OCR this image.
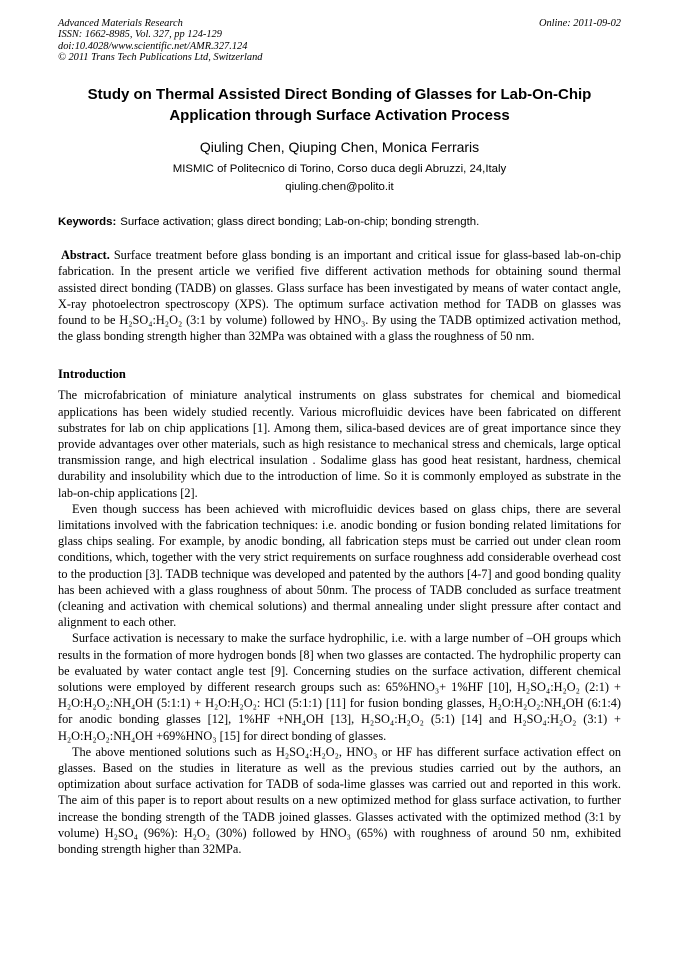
Advanced Materials Research
ISSN: 1662-8985, Vol. 327, pp 124-129
doi:10.4028/www.scientific.net/AMR.327.124
© 2011 Trans Tech Publications Ltd, Switzerland
Online: 2011-09-02
Study on Thermal Assisted Direct Bonding of Glasses for Lab-On-Chip Application through Surface Activation Process
Qiuling Chen, Qiuping Chen, Monica Ferraris
MISMIC of Politecnico di Torino, Corso duca degli Abruzzi, 24,Italy
qiuling.chen@polito.it
Keywords: Surface activation; glass direct bonding; Lab-on-chip; bonding strength.

Abstract. Surface treatment before glass bonding is an important and critical issue for glass-based lab-on-chip fabrication. In the present article we verified five different activation methods for obtaining sound thermal assisted direct bonding (TADB) on glasses. Glass surface has been investigated by means of water contact angle, X-ray photoelectron spectroscopy (XPS). The optimum surface activation method for TADB on glasses was found to be H₂SO₄:H₂O₂ (3:1 by volume) followed by HNO₃. By using the TADB optimized activation method, the glass bonding strength higher than 32MPa was obtained with a glass the roughness of 50 nm.

Introduction

The microfabrication of miniature analytical instruments on glass substrates for chemical and biomedical applications has been widely studied recently. Various microfluidic devices have been fabricated on different substrates for lab on chip applications [1]. Among them, silica-based devices are of great importance since they provide advantages over other materials, such as high resistance to mechanical stress and chemicals, large optical transmission range, and high electrical insulation . Sodalime glass has good heat resistant, hardness, chemical durability and insolubility which due to the introduction of lime. So it is commonly employed as substrate in the lab-on-chip applications [2].

Even though success has been achieved with microfluidic devices based on glass chips, there are several limitations involved with the fabrication techniques: i.e. anodic bonding or fusion bonding related limitations for glass chips sealing. For example, by anodic bonding, all fabrication steps must be carried out under clean room conditions, which, together with the very strict requirements on surface roughness add considerable overhead cost to the production [3]. TADB technique was developed and patented by the authors [4-7] and good bonding quality has been achieved with a glass roughness of about 50nm. The process of TADB concluded as surface treatment (cleaning and activation with chemical solutions) and thermal annealing under slight pressure after contact and alignment to each other.

Surface activation is necessary to make the surface hydrophilic, i.e. with a large number of –OH groups which results in the formation of more hydrogen bonds [8] when two glasses are contacted. The hydrophilic property can be evaluated by water contact angle test [9]. Concerning studies on the surface activation, different chemical solutions were employed by different research groups such as: 65%HNO₃+ 1%HF [10], H₂SO₄:H₂O₂ (2:1) + H₂O:H₂O₂:NH₄OH (5:1:1) + H₂O:H₂O₂: HCl (5:1:1) [11] for fusion bonding glasses, H₂O:H₂O₂:NH₄OH (6:1:4) for anodic bonding glasses [12], 1%HF +NH₄OH [13], H₂SO₄:H₂O₂ (5:1) [14] and H₂SO₄:H₂O₂ (3:1) + H₂O:H₂O₂:NH₄OH +69%HNO₃ [15] for direct bonding of glasses.

The above mentioned solutions such as H₂SO₄:H₂O₂, HNO₃ or HF has different surface activation effect on glasses. Based on the studies in literature as well as the previous studies carried out by the authors, an optimization about surface activation for TADB of soda-lime glasses was carried out and reported in this work. The aim of this paper is to report about results on a new optimized method for glass surface activation, to further increase the bonding strength of the TADB joined glasses. Glasses activated with the optimized method (3:1 by volume) H₂SO₄ (96%): H₂O₂ (30%) followed by HNO₃ (65%) with roughness of around 50 nm, exhibited bonding strength higher than 32MPa.
